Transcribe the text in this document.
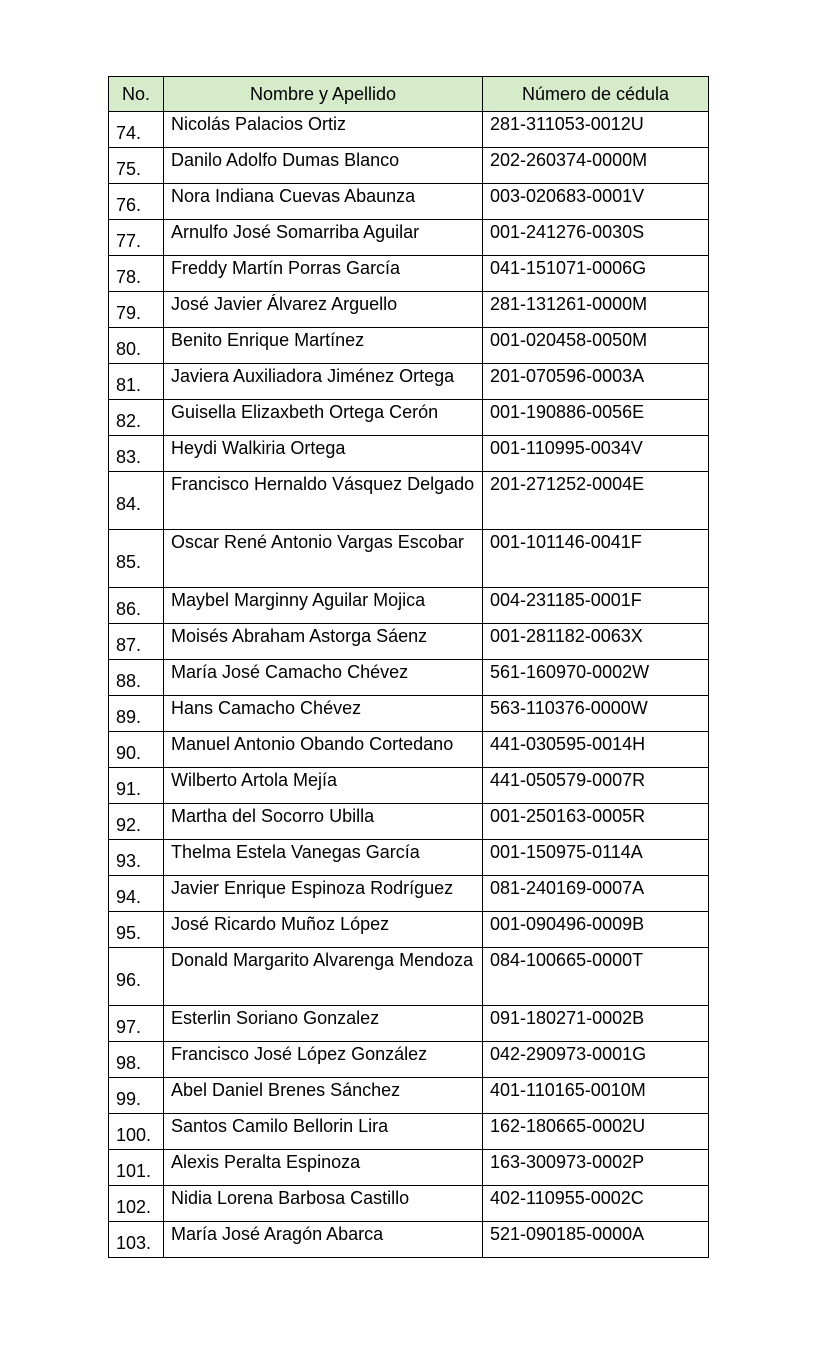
No.	Nombre y Apellido	Número de cédula
74.	Nicolás Palacios Ortiz	281-311053-0012U
75.	Danilo Adolfo Dumas Blanco	202-260374-0000M
76.	Nora Indiana Cuevas Abaunza	003-020683-0001V
77.	Arnulfo José Somarriba Aguilar	001-241276-0030S
78.	Freddy Martín Porras García	041-151071-0006G
79.	José Javier Álvarez Arguello	281-131261-0000M
80.	Benito Enrique Martínez	001-020458-0050M
81.	Javiera Auxiliadora Jiménez Ortega	201-070596-0003A
82.	Guisella Elizaxbeth Ortega Cerón	001-190886-0056E
83.	Heydi Walkiria Ortega	001-110995-0034V
84.	Francisco Hernaldo Vásquez Delgado	201-271252-0004E
85.	Oscar René Antonio Vargas Escobar	001-101146-0041F
86.	Maybel Marginny Aguilar Mojica	004-231185-0001F
87.	Moisés Abraham Astorga Sáenz	001-281182-0063X
88.	María José Camacho Chévez	561-160970-0002W
89.	Hans Camacho Chévez	563-110376-0000W
90.	Manuel Antonio Obando Cortedano	441-030595-0014H
91.	Wilberto Artola Mejía	441-050579-0007R
92.	Martha del Socorro Ubilla	001-250163-0005R
93.	Thelma Estela Vanegas García	001-150975-0114A
94.	Javier Enrique Espinoza Rodríguez	081-240169-0007A
95.	José Ricardo Muñoz López	001-090496-0009B
96.	Donald Margarito Alvarenga Mendoza	084-100665-0000T
97.	Esterlin Soriano Gonzalez	091-180271-0002B
98.	Francisco José López González	042-290973-0001G
99.	Abel Daniel Brenes Sánchez	401-110165-0010M
100.	Santos Camilo Bellorin Lira	162-180665-0002U
101.	Alexis Peralta Espinoza	163-300973-0002P
102.	Nidia Lorena Barbosa Castillo	402-110955-0002C
103.	María José Aragón Abarca	521-090185-0000A
